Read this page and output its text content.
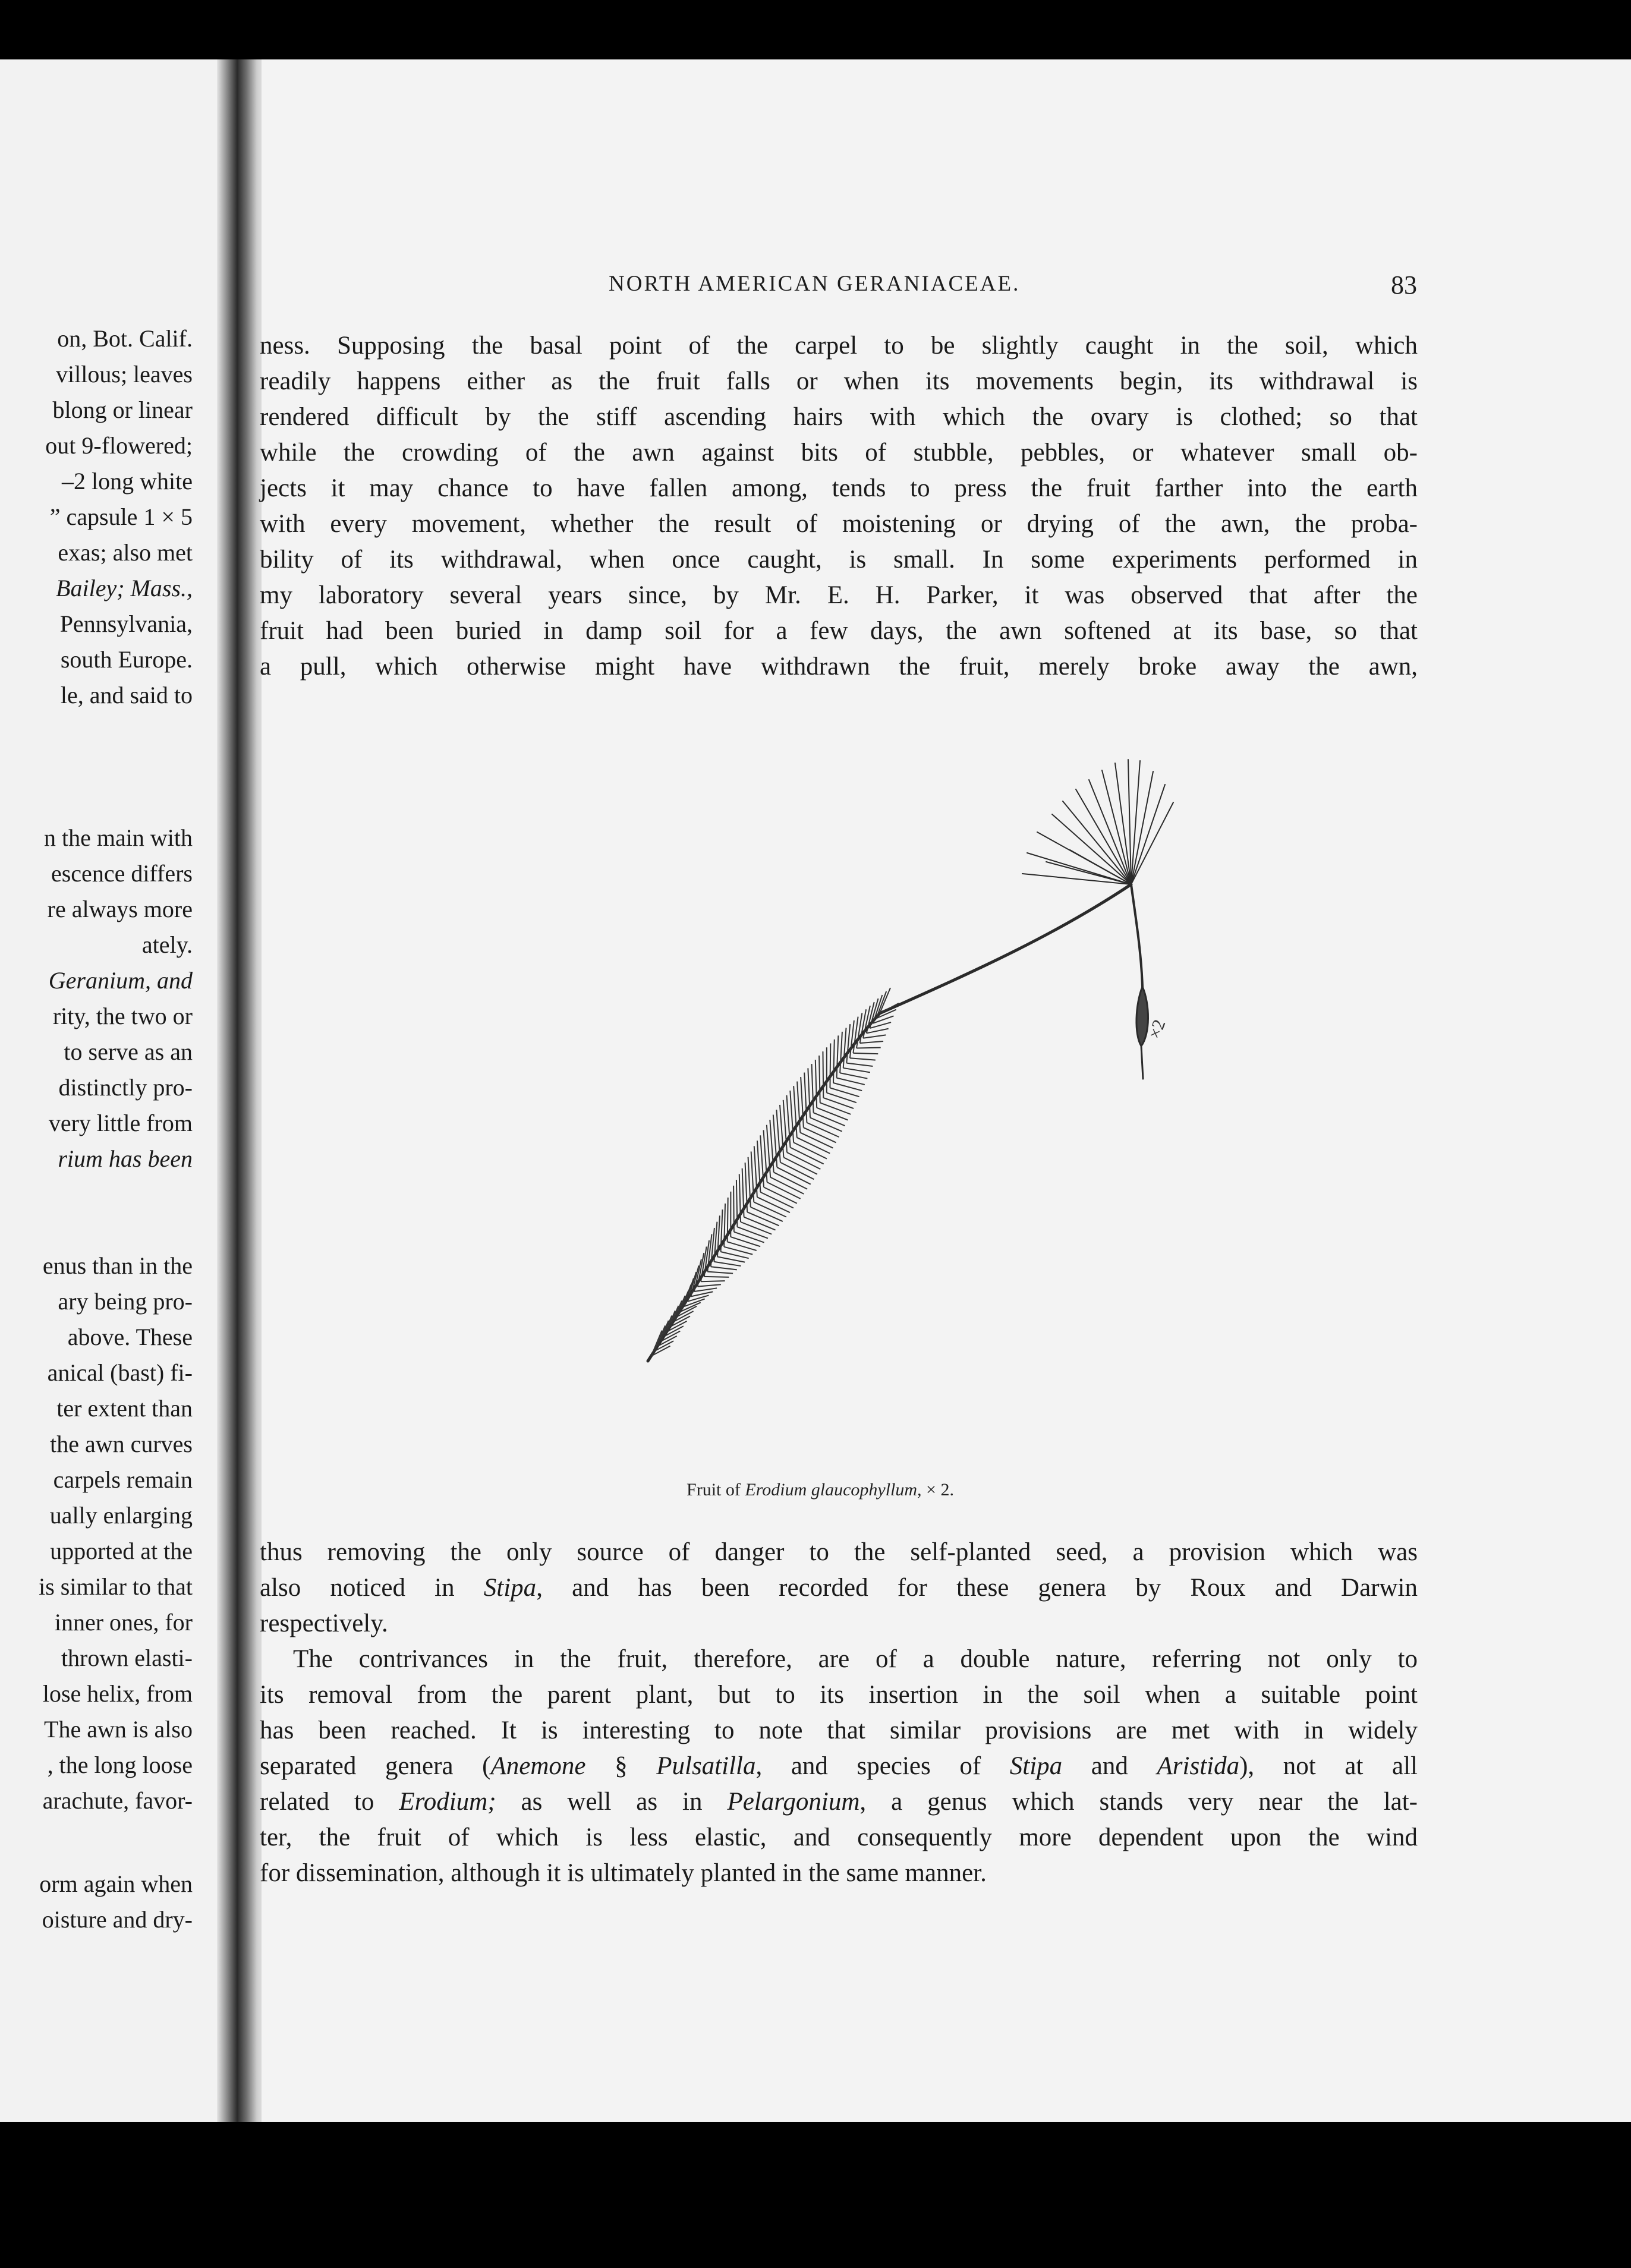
on, Bot. Calif.
villous; leaves
blong or linear
out 9-flowered;
–2 long white
” capsule 1 × 5
exas; also met
Bailey; Mass.,
Pennsylvania,
south Europe.
le, and said to
n the main with
escence differs
re always more
ately.
Geranium, and
rity, the two or
to serve as an
distinctly pro-
very little from
rium has been
enus than in the
ary being pro-
above. These
anical (bast) fi-
ter extent than
the awn curves
carpels remain
ually enlarging
upported at the
is similar to that
inner ones, for
thrown elasti-
lose helix, from
The awn is also
, the long loose
arachute, favor-
orm again when
oisture and dry-
NORTH AMERICAN GERANIACEAE.	83
ness. Supposing the basal point of the carpel to be slightly caught in the soil, which
readily happens either as the fruit falls or when its movements begin, its withdrawal is
rendered difficult by the stiff ascending hairs with which the ovary is clothed; so that
while the crowding of the awn against bits of stubble, pebbles, or whatever small ob-
jects it may chance to have fallen among, tends to press the fruit farther into the earth
with every movement, whether the result of moistening or drying of the awn, the proba-
bility of its withdrawal, when once caught, is small. In some experiments performed in
my laboratory several years since, by Mr. E. H. Parker, it was observed that after the
fruit had been buried in damp soil for a few days, the awn softened at its base, so that
a pull, which otherwise might have withdrawn the fruit, merely broke away the awn,
×2
Fruit of Erodium glaucophyllum, × 2.
thus removing the only source of danger to the self-planted seed, a provision which was
also noticed in Stipa, and has been recorded for these genera by Roux and Darwin
respectively.
The contrivances in the fruit, therefore, are of a double nature, referring not only to
its removal from the parent plant, but to its insertion in the soil when a suitable point
has been reached. It is interesting to note that similar provisions are met with in widely
separated genera (Anemone § Pulsatilla, and species of Stipa and Aristida), not at all
related to Erodium; as well as in Pelargonium, a genus which stands very near the lat-
ter, the fruit of which is less elastic, and consequently more dependent upon the wind
for dissemination, although it is ultimately planted in the same manner.
